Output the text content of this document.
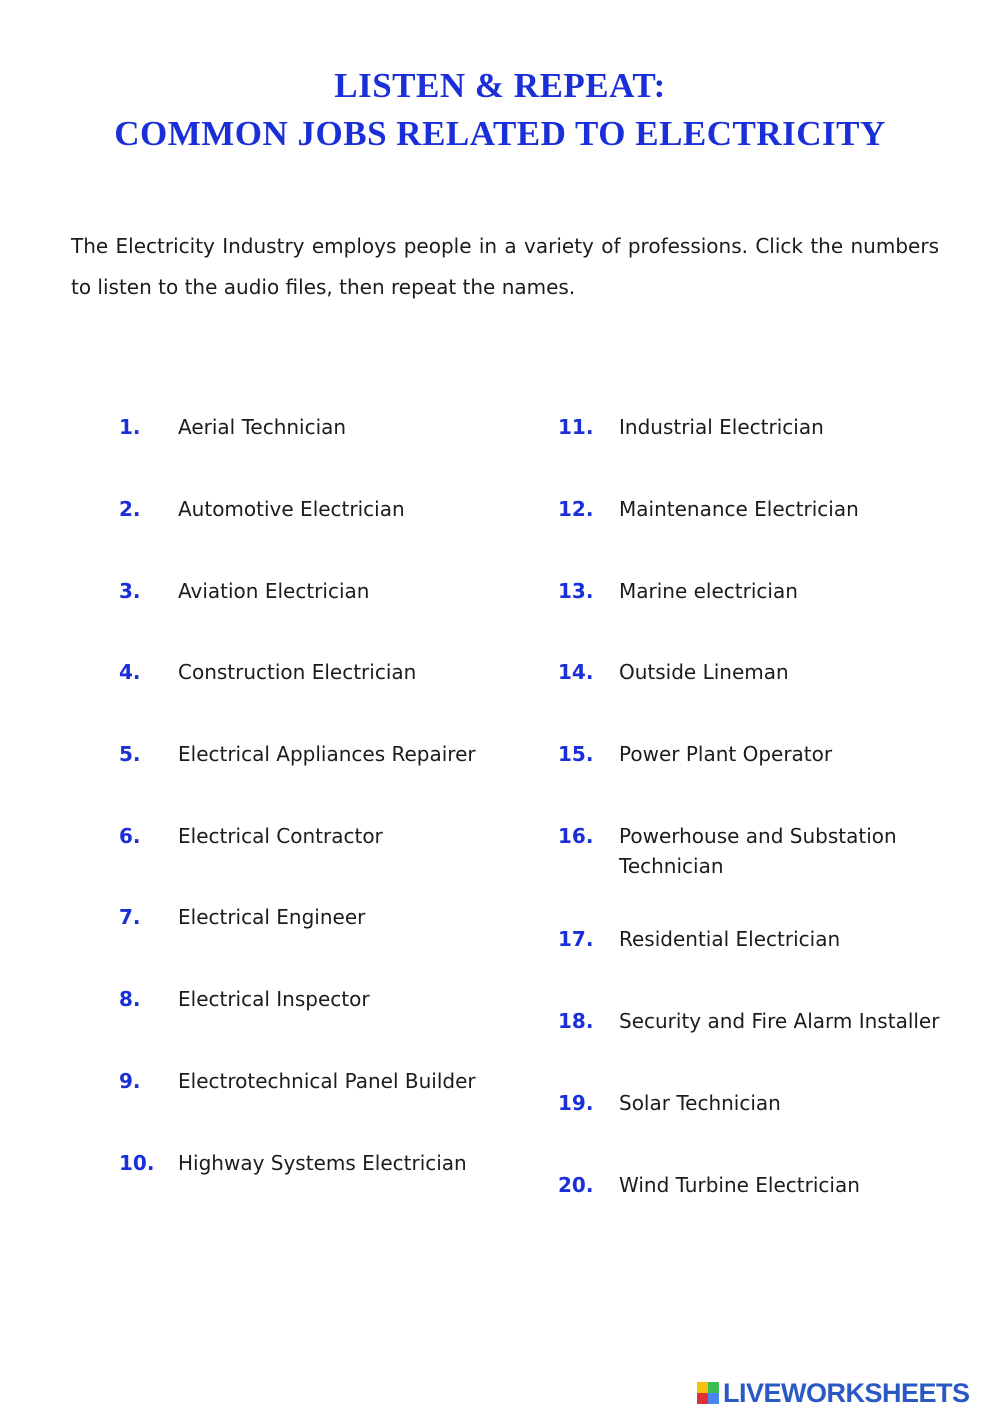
LISTEN & REPEAT:
COMMON JOBS RELATED TO ELECTRICITY
The Electricity Industry employs people in a variety of professions. Click the numbers to listen to the audio files, then repeat the names.
1. Aerial Technician
2. Automotive Electrician
3. Aviation Electrician
4. Construction Electrician
5. Electrical Appliances Repairer
6. Electrical Contractor
7. Electrical Engineer
8. Electrical Inspector
9. Electrotechnical Panel Builder
10. Highway Systems Electrician
11. Industrial Electrician
12. Maintenance Electrician
13. Marine electrician
14. Outside Lineman
15. Power Plant Operator
16. Powerhouse and Substation Technician
17. Residential Electrician
18. Security and Fire Alarm Installer
19. Solar Technician
20. Wind Turbine Electrician
LIVEWORKSHEETS
